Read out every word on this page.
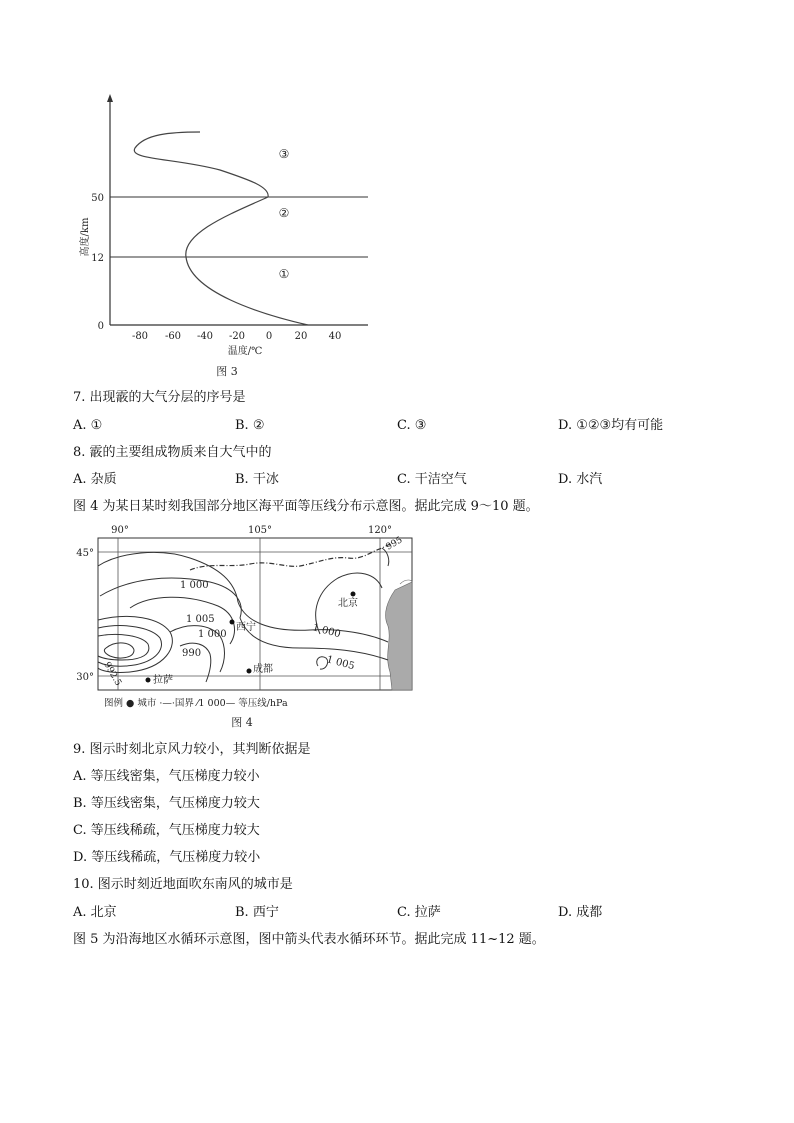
0
12
50
高度/km
-80 -60 -40 -20 0 20 40
温度/℃
①
②
③
图 3
7. 出现霰的大气分层的序号是
A. ①	B. ②	C. ③	D. ①②③均有可能
8. 霰的主要组成物质来自大气中的
A. 杂质	B. 干冰	C. 干洁空气	D. 水汽
图 4 为某日某时刻我国部分地区海平面等压线分布示意图。据此完成 9～10 题。
1 000
1 005
1 000
990
992.5
1 000
1 005
995
北京
西宁
成都
拉萨
90°	105°	120°
45°
30°
图例 ● 城市 ·—·国界 ⁄1 000— 等压线/hPa
图 4
9. 图示时刻北京风力较小，其判断依据是
A. 等压线密集，气压梯度力较小
B. 等压线密集，气压梯度力较大
C. 等压线稀疏，气压梯度力较大
D. 等压线稀疏，气压梯度力较小
10. 图示时刻近地面吹东南风的城市是
A. 北京	B. 西宁	C. 拉萨	D. 成都
图 5 为沿海地区水循环示意图，图中箭头代表水循环环节。据此完成 11~12 题。
